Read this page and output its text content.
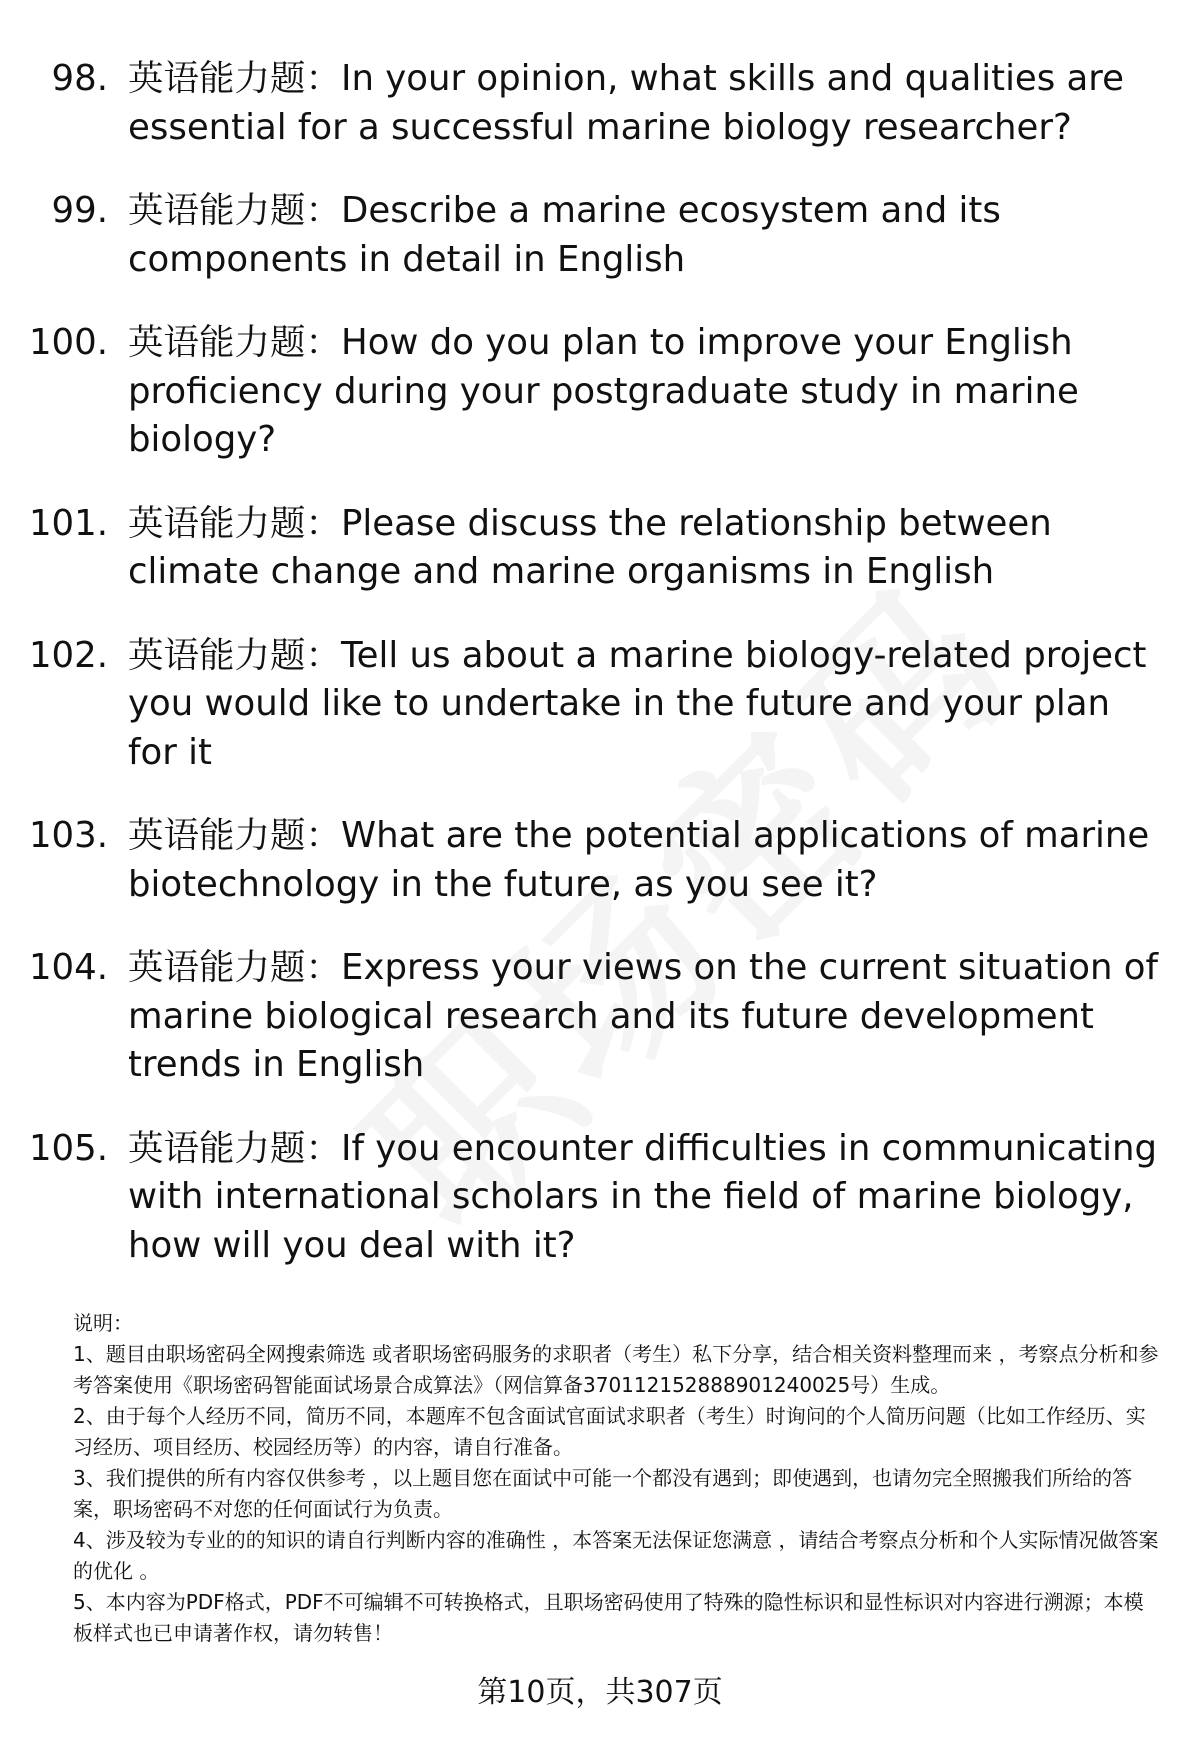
98. 英语能力题：In your opinion, what skills and qualities are essential for a successful marine biology researcher?
99. 英语能力题：Describe a marine ecosystem and its components in detail in English
100. 英语能力题：How do you plan to improve your English proficiency during your postgraduate study in marine biology?
101. 英语能力题：Please discuss the relationship between climate change and marine organisms in English
102. 英语能力题：Tell us about a marine biology-related project you would like to undertake in the future and your plan for it
103. 英语能力题：What are the potential applications of marine biotechnology in the future, as you see it?
104. 英语能力题：Express your views on the current situation of marine biological research and its future development trends in English
105. 英语能力题：If you encounter difficulties in communicating with international scholars in the field of marine biology, how will you deal with it?

说明：

1、题目由职场密码全网搜索筛选 或者职场密码服务的求职者（考生）私下分享，结合相关资料整理而来 ，考察点分析和参考答案使用《职场密码智能面试场景合成算法》（网信算备370112152888901240025号）生成。

2、由于每个人经历不同，简历不同，本题库不包含面试官面试求职者（考生）时询问的个人简历问题（比如工作经历、实习经历、项目经历、校园经历等）的内容，请自行准备。

3、我们提供的所有内容仅供参考 ，以上题目您在面试中可能一个都没有遇到；即使遇到，也请勿完全照搬我们所给的答案，职场密码不对您的任何面试行为负责。

4、涉及较为专业的的知识的请自行判断内容的准确性 ，本答案无法保证您满意 ，请结合考察点分析和个人实际情况做答案的优化 。

5、本内容为PDF格式，PDF不可编辑不可转换格式，且职场密码使用了特殊的隐性标识和显性标识对内容进行溯源；本模板样式也已申请著作权，请勿转售！

第10页，共307页
